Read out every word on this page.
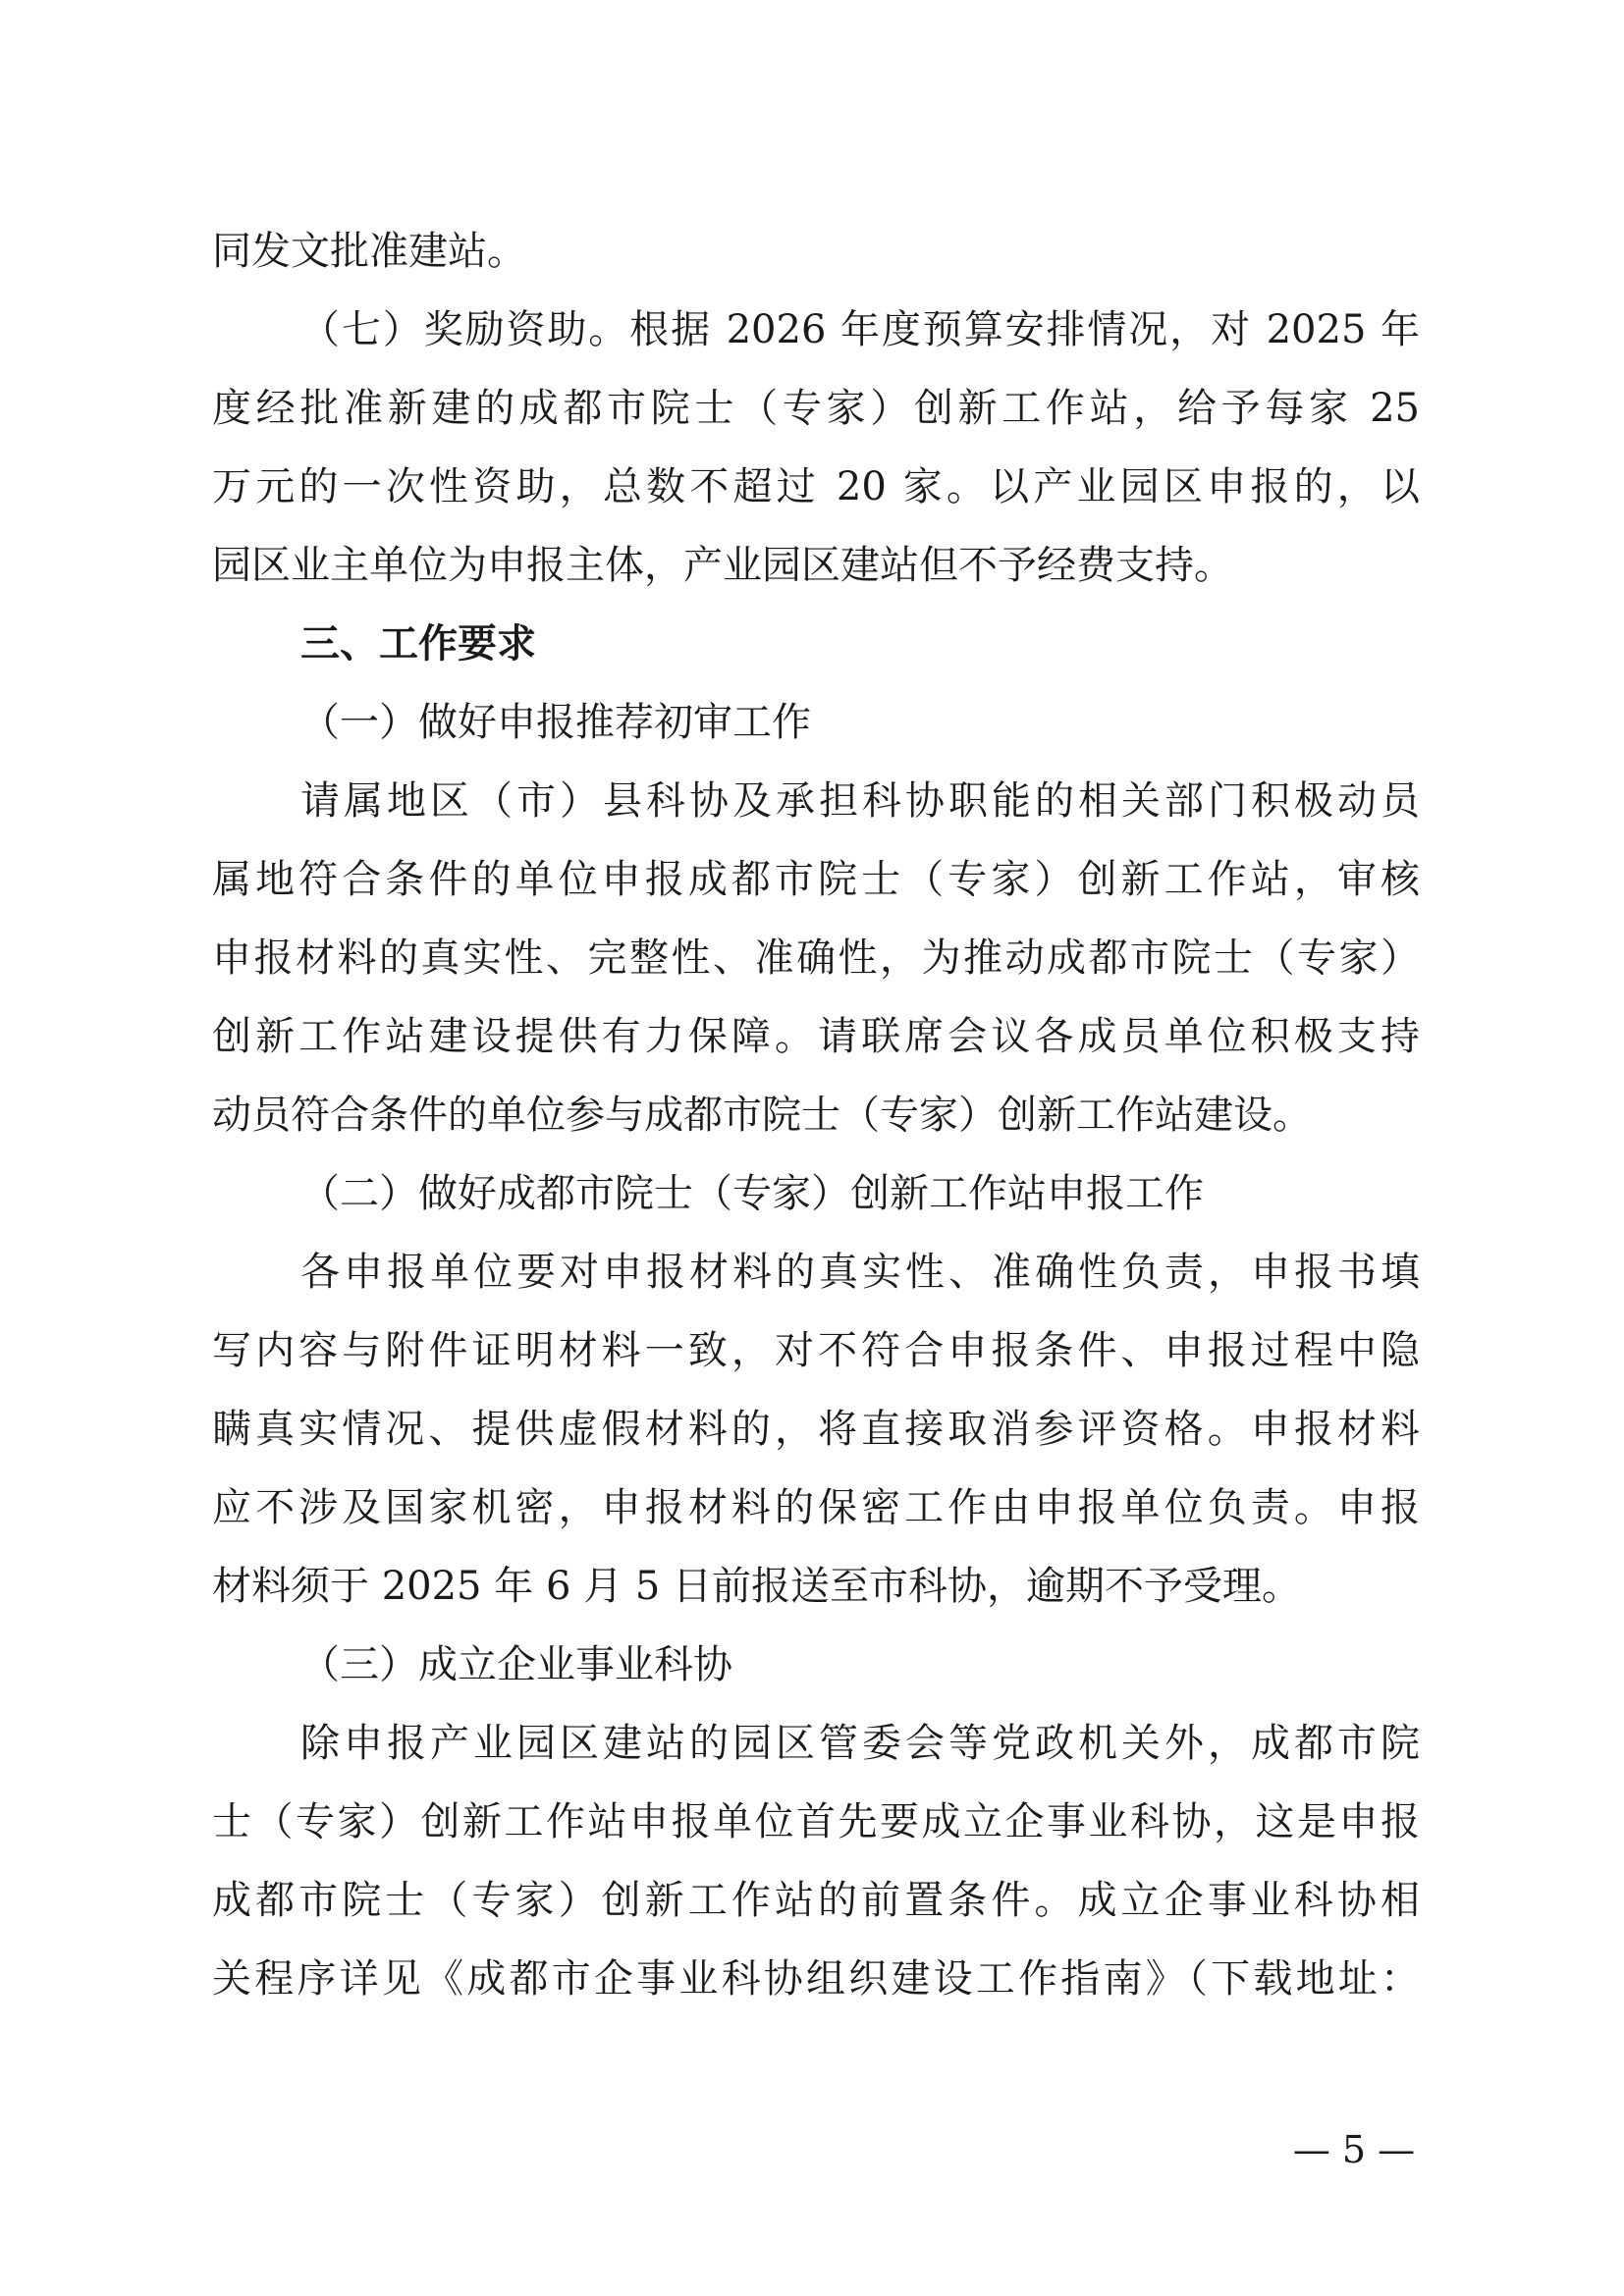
同发文批准建站。
（七）奖励资助。根据 2026 年度预算安排情况，对 2025 年
度经批准新建的成都市院士（专家）创新工作站，给予每家 25
万元的一次性资助，总数不超过 20 家。以产业园区申报的，以
园区业主单位为申报主体，产业园区建站但不予经费支持。
三、工作要求
（一）做好申报推荐初审工作
请属地区（市）县科协及承担科协职能的相关部门积极动员
属地符合条件的单位申报成都市院士（专家）创新工作站，审核
申报材料的真实性、完整性、准确性，为推动成都市院士（专家）
创新工作站建设提供有力保障。请联席会议各成员单位积极支持
动员符合条件的单位参与成都市院士（专家）创新工作站建设。
（二）做好成都市院士（专家）创新工作站申报工作
各申报单位要对申报材料的真实性、准确性负责，申报书填
写内容与附件证明材料一致，对不符合申报条件、申报过程中隐
瞒真实情况、提供虚假材料的，将直接取消参评资格。申报材料
应不涉及国家机密，申报材料的保密工作由申报单位负责。申报
材料须于 2025 年 6 月 5 日前报送至市科协，逾期不予受理。
（三）成立企业事业科协
除申报产业园区建站的园区管委会等党政机关外，成都市院
士（专家）创新工作站申报单位首先要成立企事业科协，这是申报
成都市院士（专家）创新工作站的前置条件。成立企事业科协相
关程序详见《成都市企事业科协组织建设工作指南》（下载地址：
— 5 —
